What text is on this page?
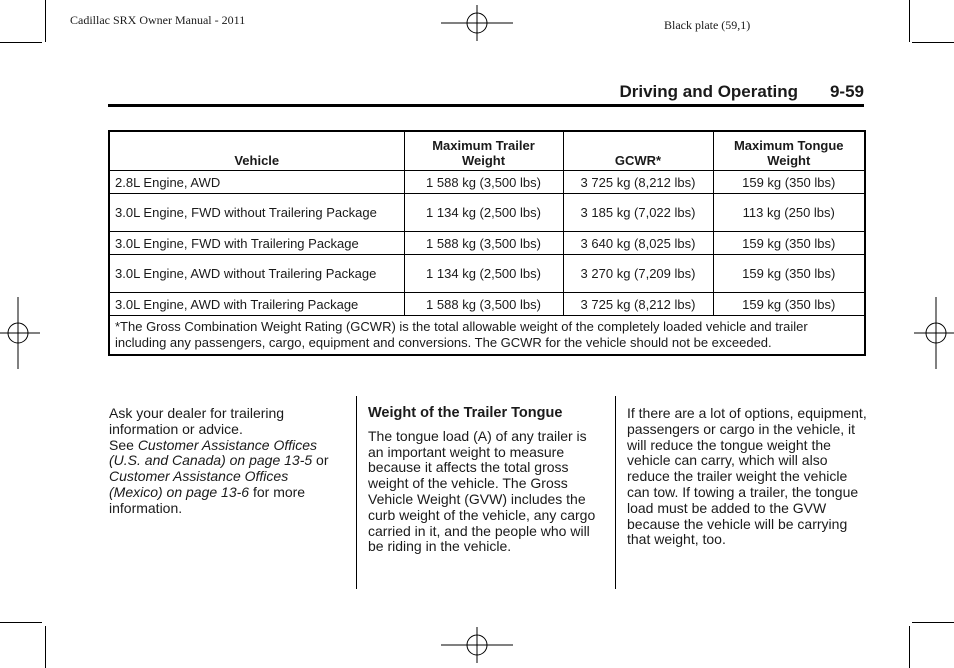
Cadillac SRX Owner Manual - 2011	Black plate (59,1)
Driving and Operating 9-59
Vehicle	Maximum Trailer Weight	GCWR*	Maximum Tongue Weight
2.8L Engine, AWD	1 588 kg (3,500 lbs)	3 725 kg (8,212 lbs)	159 kg (350 lbs)
3.0L Engine, FWD without Trailering Package	1 134 kg (2,500 lbs)	3 185 kg (7,022 lbs)	113 kg (250 lbs)
3.0L Engine, FWD with Trailering Package	1 588 kg (3,500 lbs)	3 640 kg (8,025 lbs)	159 kg (350 lbs)
3.0L Engine, AWD without Trailering Package	1 134 kg (2,500 lbs)	3 270 kg (7,209 lbs)	159 kg (350 lbs)
3.0L Engine, AWD with Trailering Package	1 588 kg (3,500 lbs)	3 725 kg (8,212 lbs)	159 kg (350 lbs)
*The Gross Combination Weight Rating (GCWR) is the total allowable weight of the completely loaded vehicle and trailer including any passengers, cargo, equipment and conversions. The GCWR for the vehicle should not be exceeded.			

Ask your dealer for trailering information or advice.

See Customer Assistance Offices (U.S. and Canada) on page 13-5 or Customer Assistance Offices (Mexico) on page 13-6 for more information.

Weight of the Trailer Tongue

The tongue load (A) of any trailer is an important weight to measure because it affects the total gross weight of the vehicle. The Gross Vehicle Weight (GVW) includes the curb weight of the vehicle, any cargo carried in it, and the people who will be riding in the vehicle.

If there are a lot of options, equipment, passengers or cargo in the vehicle, it will reduce the tongue weight the vehicle can carry, which will also reduce the trailer weight the vehicle can tow. If towing a trailer, the tongue load must be added to the GVW because the vehicle will be carrying that weight, too.
